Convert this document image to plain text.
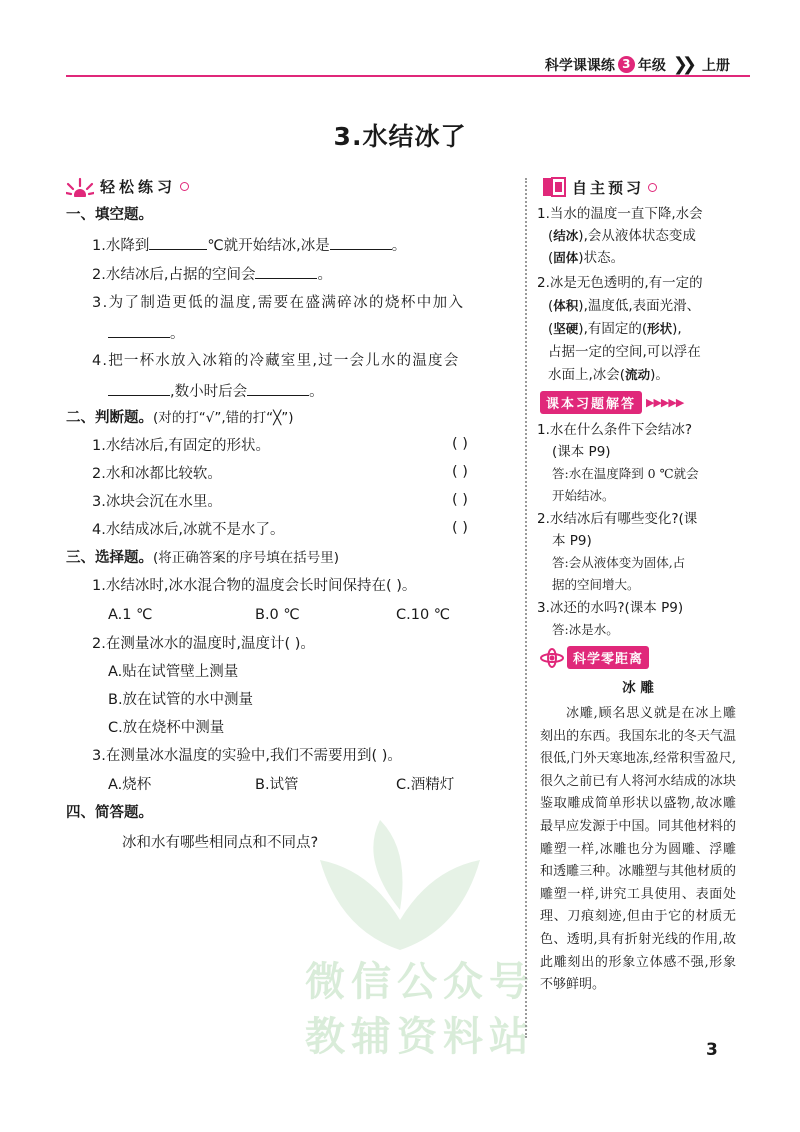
微信公众号
教辅资料站
科学课课练 3 年级 ❯❯ 上册
3.水结冰了
轻松练习
一、填空题。
1.水降到	℃就开始结冰,冰是	。
2.水结冰后,占据的空间会	。
3.为了制造更低的温度,需要在盛满碎冰的烧杯中加入
。
4.把一杯水放入冰箱的冷藏室里,过一会儿水的温度会
,数小时后会	。
二、判断题。(对的打“√”,错的打“╳”)
1.水结冰后,有固定的形状。	( )
2.水和冰都比较软。	( )
3.冰块会沉在水里。	( )
4.水结成冰后,冰就不是水了。	( )
三、选择题。(将正确答案的序号填在括号里)
1.水结冰时,冰水混合物的温度会长时间保持在( )。
A.1 ℃	B.0 ℃	C.10 ℃
2.在测量冰水的温度时,温度计( )。
A.贴在试管壁上测量
B.放在试管的水中测量
C.放在烧杯中测量
3.在测量冰水温度的实验中,我们不需要用到( )。
A.烧杯	B.试管	C.酒精灯
四、简答题。
冰和水有哪些相同点和不同点?
自主预习
1.当水的温度一直下降,水会
(结冰),会从液体状态变成
(固体)状态。
2.冰是无色透明的,有一定的
(体积),温度低,表面光滑、
(坚硬),有固定的(形状),
占据一定的空间,可以浮在
水面上,冰会(流动)。
课本习题解答 ▶▶▶▶▶
1.水在什么条件下会结冰?
(课本 P9)
答:水在温度降到 0 ℃就会
开始结冰。
2.水结冰后有哪些变化?(课
本 P9)
答:会从液体变为固体,占
据的空间增大。
3.冰还的水吗?(课本 P9)
答:冰是水。
科学零距离
冰 雕
冰雕,顾名思义就是在冰上雕刻出的东西。我国东北的冬天气温很低,门外天寒地冻,经常积雪盈尺,很久之前已有人将河水结成的冰块鉴取雕成简单形状以盛物,故冰雕最早应发源于中国。同其他材料的雕塑一样,冰雕也分为圆雕、浮雕和透雕三种。冰雕塑与其他材质的雕塑一样,讲究工具使用、表面处理、刀痕刻迹,但由于它的材质无色、透明,具有折射光线的作用,故此雕刻出的形象立体感不强,形象不够鲜明。
3
